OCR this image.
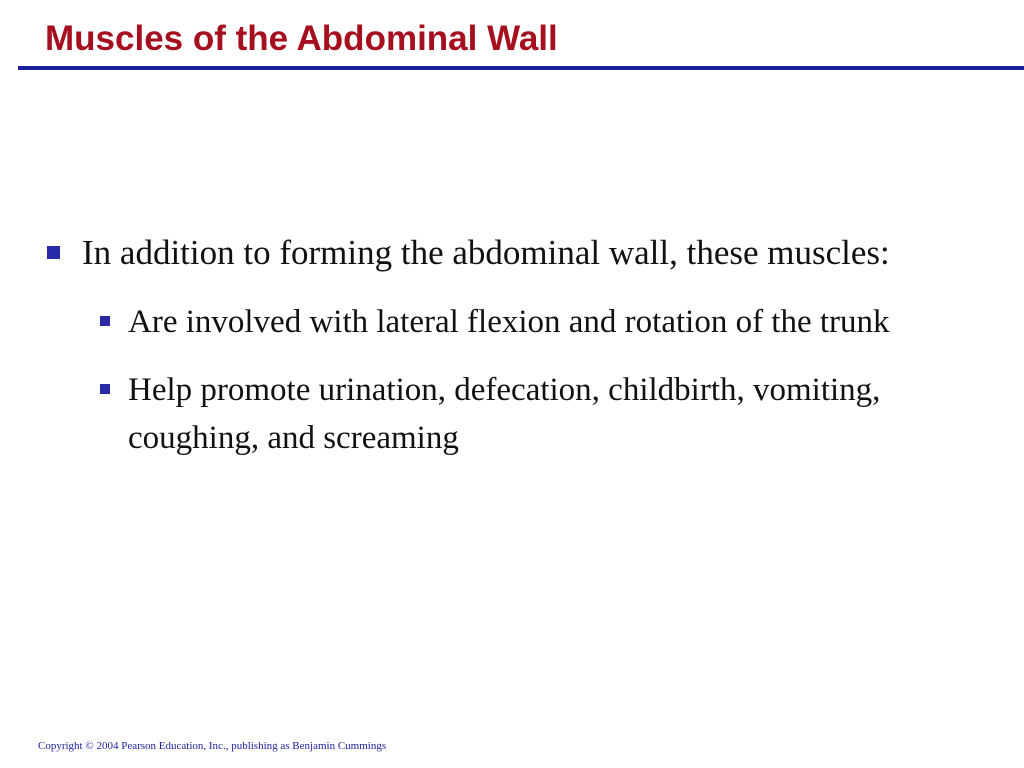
Muscles of the Abdominal Wall
In addition to forming the abdominal wall, these muscles:
Are involved with lateral flexion and rotation of the trunk
Help promote urination, defecation, childbirth, vomiting, coughing, and screaming
Copyright © 2004 Pearson Education, Inc., publishing as Benjamin Cummings
